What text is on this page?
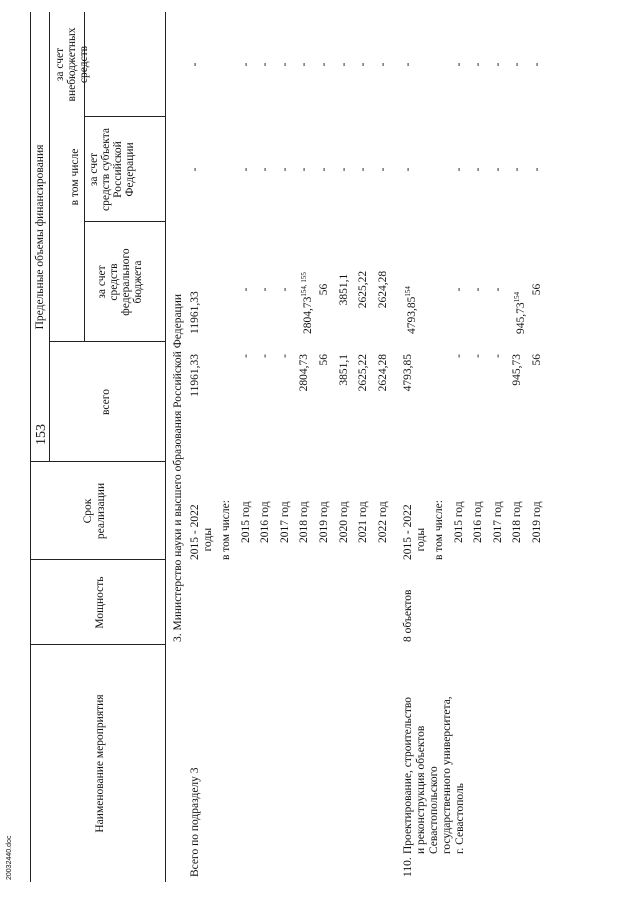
153
20032440.doc
Наименование мероприятия
Мощность
Срок
реализации
Предельные объемы финансирования
всего
в том числе
за счет
средств
федерального
бюджета
за счет
средств субъекта
Российской
Федерации
за счет
внебюджетных
средств
3. Министерство науки и высшего образования Российской Федерации
Всего по подразделу 3
2015 - 2022
годы
11961,33
11961,33
-
-
в том числе: 2015 год
-
-
-
-
2016 год
-
-
-
-
2017 год
-
-
-
-
2018 год
2804,73
2804,73$^{154, 155}$
-
-
2019 год
56
56
-
-
2020 год
3851,1
3851,1
-
-
2021 год
2625,22
2625,22
-
-
2022 год
2624,28
2624,28
-
-
110.
Проектирование, строительство и реконструкция объектов Севастопольского государственного университета, г. Севастополь
8 объектов
2015 - 2022
годы
4793,85
4793,85$^{154}$
-
-
в том числе: 2015 год
-
-
-
-
2016 год
-
-
-
-
2017 год
-
-
-
-
2018 год
945,73
945,73$^{154}$
-
-
2019 год
56
56
-
-
